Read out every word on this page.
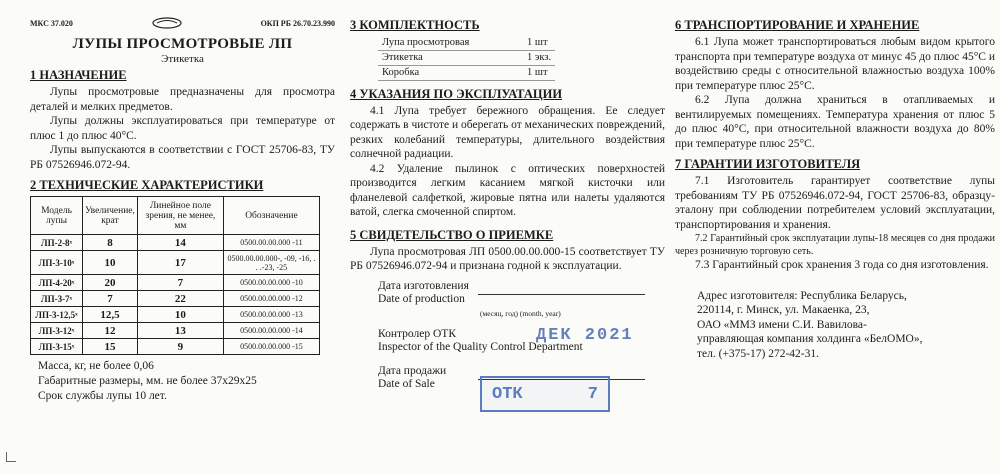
МКС 37.020	ОКП РБ 26.70.23.990
ЛУПЫ ПРОСМОТРОВЫЕ ЛП
Этикетка
1 НАЗНАЧЕНИЕ

Лупы просмотровые предназначены для просмотра деталей и мелких предметов.

Лупы должны эксплуатироваться при температуре от плюс 1 до плюс 40°С.

Лупы выпускаются в соответствии с ГОСТ 25706-83, ТУ РБ 07526946.072-94.

2 ТЕХНИЧЕСКИЕ ХАРАКТЕРИСТИКИ
Модель лупы	Увеличение, крат	Линейное поле зрения, не менее, мм	Обозначение
ЛП-2-8ˣ	8	14	0500.00.00.000 -11
ЛП-3-10ˣ	10	17	0500.00.00.000-, -09, -16, . . .-23, -25
ЛП-4-20ˣ	20	7	0500.00.00.000 -10
ЛП-3-7ˣ	7	22	0500.00.00.000 -12
ЛП-3-12,5ˣ	12,5	10	0500.00.00.000 -13
ЛП-3-12ˣ	12	13	0500.00.00.000 -14
ЛП-3-15ˣ	15	9	0500.00.00.000 -15
Масса, кг, не более 0,06
Габаритные размеры, мм. не более 37x29x25
Срок службы лупы 10 лет.
3 КОМПЛЕКТНОСТЬ
Лупа просмотровая	1 шт
Этикетка	1 экз.
Коробка	1 шт
4 УКАЗАНИЯ ПО ЭКСПЛУАТАЦИИ

4.1 Лупа требует бережного обращения. Ее следует содержать в чистоте и оберегать от механических повреждений, резких колебаний температуры, длительного воздействия солнечной радиации.

4.2 Удаление пылинок с оптических поверхностей производится легким касанием мягкой кисточки или фланелевой салфеткой, жировые пятна или налеты удаляются ватой, слегка смоченной спиртом.

5 СВИДЕТЕЛЬСТВО О ПРИЕМКЕ

Лупа просмотровая ЛП 0500.00.00.000-15 соответствует ТУ РБ 07526946.072-94 и признана годной к эксплуатации.

Дата изготовления
Date of production
(месяц, год) (month, year)
Контролер ОТК
Inspector of the Quality Control Department
Дата продажи
Date of Sale
ДЕК 2021
ОТК	7
6 ТРАНСПОРТИРОВАНИЕ И ХРАНЕНИЕ

6.1 Лупа может транспортироваться любым видом крытого транспорта при температуре воздуха от минус 45 до плюс 45°С и воздействию среды с относительной влажностью воздуха 100% при температуре плюс 25°С.

6.2 Лупа должна храниться в отапливаемых и вентилируемых помещениях. Температура хранения от плюс 5 до плюс 40°С, при относительной влажности воздуха до 80% при температуре плюс 25°С.

7 ГАРАНТИИ ИЗГОТОВИТЕЛЯ

7.1 Изготовитель гарантирует соответствие лупы требованиям ТУ РБ 07526946.072-94, ГОСТ 25706-83, образцу-эталону при соблюдении потребителем условий эксплуатации, транспортирования и хранения.

7.2 Гарантийный срок эксплуатации лупы-18 месяцев со дня продажи через розничную торговую сеть.

7.3 Гарантийный срок хранения 3 года со дня изготовления.

Адрес изготовителя: Республика Беларусь,
220114, г. Минск, ул. Макаенка, 23,
ОАО «ММЗ имени С.И. Вавилова-
управляющая компания холдинга «БелОМО»,
тел. (+375-17) 272-42-31.
